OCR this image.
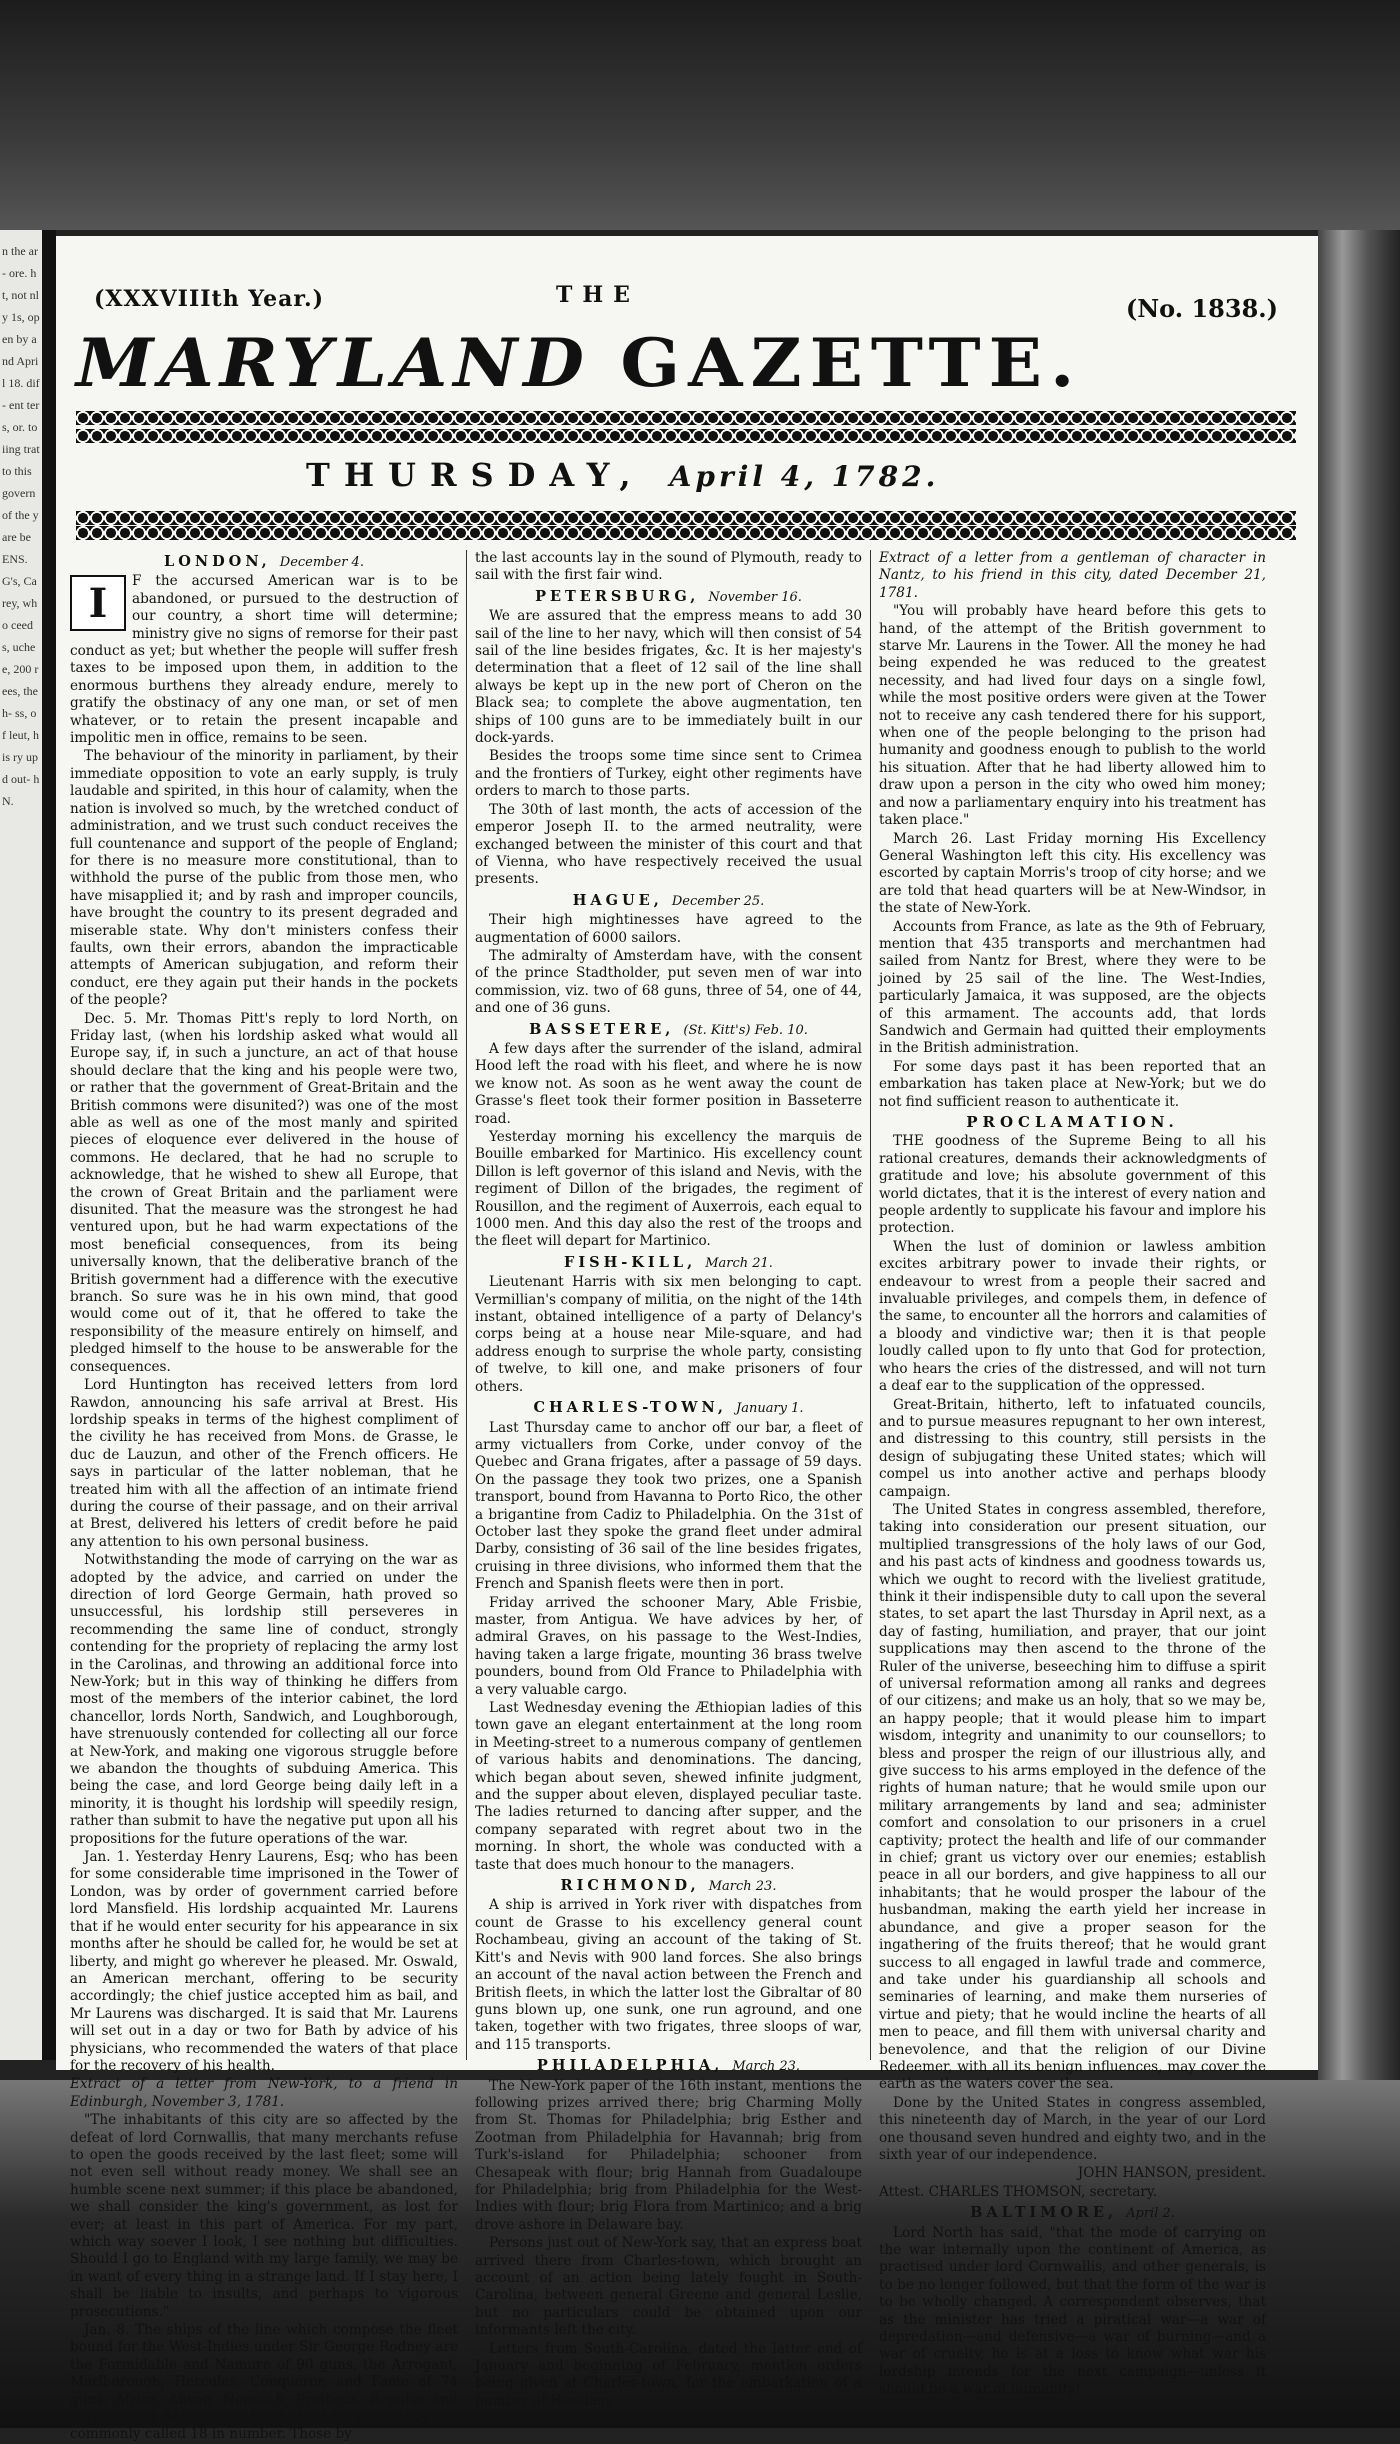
n the ar- ore. ht, not nly 1s, open by a nd April 18. dif- ent ters, or. to iing trat to this govern of the y are be ENS. G's, Carey, who ceeds, uchee, 200 rees, the h- ss, of leut, his ry up d out- h N.
(XXXVIIIth Year.)	THE	(No. 1838.)
MARYLAND GAZETTE.
THURSDAY, April 4, 1782.
LONDON, December 4.
I	F the accursed American war is to be abandoned, or pursued to the destruction of our country, a short time will determine; ministry give no signs of remorse for their past conduct as yet; but whether the people will suffer fresh taxes to be imposed upon them, in addition to the enormous burthens they already endure, merely to gratify the obstinacy of any one man, or set of men whatever, or to retain the present incapable and impolitic men in office, remains to be seen.

The behaviour of the minority in parliament, by their immediate opposition to vote an early supply, is truly laudable and spirited, in this hour of calamity, when the nation is involved so much, by the wretched conduct of administration, and we trust such conduct receives the full countenance and support of the people of England; for there is no measure more constitutional, than to withhold the purse of the public from those men, who have misapplied it; and by rash and improper councils, have brought the country to its present degraded and miserable state. Why don't ministers confess their faults, own their errors, abandon the impracticable attempts of American subjugation, and reform their conduct, ere they again put their hands in the pockets of the people?

Dec. 5. Mr. Thomas Pitt's reply to lord North, on Friday last, (when his lordship asked what would all Europe say, if, in such a juncture, an act of that house should declare that the king and his people were two, or rather that the government of Great-Britain and the British commons were disunited?) was one of the most able as well as one of the most manly and spirited pieces of eloquence ever delivered in the house of commons. He declared, that he had no scruple to acknowledge, that he wished to shew all Europe, that the crown of Great Britain and the parliament were disunited. That the measure was the strongest he had ventured upon, but he had warm expectations of the most beneficial consequences, from its being universally known, that the deliberative branch of the British government had a difference with the executive branch. So sure was he in his own mind, that good would come out of it, that he offered to take the responsibility of the measure entirely on himself, and pledged himself to the house to be answerable for the consequences.

Lord Huntington has received letters from lord Rawdon, announcing his safe arrival at Brest. His lordship speaks in terms of the highest compliment of the civility he has received from Mons. de Grasse, le duc de Lauzun, and other of the French officers. He says in particular of the latter nobleman, that he treated him with all the affection of an intimate friend during the course of their passage, and on their arrival at Brest, delivered his letters of credit before he paid any attention to his own personal business.

Notwithstanding the mode of carrying on the war as adopted by the advice, and carried on under the direction of lord George Germain, hath proved so unsuccessful, his lordship still perseveres in recommending the same line of conduct, strongly contending for the propriety of replacing the army lost in the Carolinas, and throwing an additional force into New-York; but in this way of thinking he differs from most of the members of the interior cabinet, the lord chancellor, lords North, Sandwich, and Loughborough, have strenuously contended for collecting all our force at New-York, and making one vigorous struggle before we abandon the thoughts of subduing America. This being the case, and lord George being daily left in a minority, it is thought his lordship will speedily resign, rather than submit to have the negative put upon all his propositions for the future operations of the war.

Jan. 1. Yesterday Henry Laurens, Esq; who has been for some considerable time imprisoned in the Tower of London, was by order of government carried before lord Mansfield. His lordship acquainted Mr. Laurens that if he would enter security for his appearance in six months after he should be called for, he would be set at liberty, and might go wherever he pleased. Mr. Oswald, an American merchant, offering to be security accordingly; the chief justice accepted him as bail, and Mr Laurens was discharged. It is said that Mr. Laurens will set out in a day or two for Bath by advice of his physicians, who recommended the waters of that place for the recovery of his health.

Extract of a letter from New-York, to a friend in Edinburgh, November 3, 1781.

"The inhabitants of this city are so affected by the defeat of lord Cornwallis, that many merchants refuse to open the goods received by the last fleet; some will not even sell without ready money. We shall see an humble scene next summer; if this place be abandoned, we shall consider the king's government, as lost for ever; at least in this part of America. For my part, which way soever I look, I see nothing but difficulties. Should I go to England with my large family, we may be in want of every thing in a strange land. If I stay here, I shall be liable to insults, and perhaps to vigorous prosecutions."

Jan. 8. The ships of the line which compose the fleet bound for the West-Indies under Sir George Rodney are the Formidable and Namure of 90 guns, the Arrogant, Marlborough, Hercules, Conqueror, and Fame of 74 guns; Africa, Anson, Nonsuch, Protheus, Repulse and Yarmouth of 64; and the Dunkirk of 60 guns; they are commonly called 18 in number. Those by

the last accounts lay in the sound of Plymouth, ready to sail with the first fair wind.

PETERSBURG, November 16.

We are assured that the empress means to add 30 sail of the line to her navy, which will then consist of 54 sail of the line besides frigates, &c. It is her majesty's determination that a fleet of 12 sail of the line shall always be kept up in the new port of Cheron on the Black sea; to complete the above augmentation, ten ships of 100 guns are to be immediately built in our dock-yards.

Besides the troops some time since sent to Crimea and the frontiers of Turkey, eight other regiments have orders to march to those parts.

The 30th of last month, the acts of accession of the emperor Joseph II. to the armed neutrality, were exchanged between the minister of this court and that of Vienna, who have respectively received the usual presents.

HAGUE, December 25.

Their high mightinesses have agreed to the augmentation of 6000 sailors.

The admiralty of Amsterdam have, with the consent of the prince Stadtholder, put seven men of war into commission, viz. two of 68 guns, three of 54, one of 44, and one of 36 guns.

BASSETERE, (St. Kitt's) Feb. 10.

A few days after the surrender of the island, admiral Hood left the road with his fleet, and where he is now we know not. As soon as he went away the count de Grasse's fleet took their former position in Basseterre road.

Yesterday morning his excellency the marquis de Bouille embarked for Martinico. His excellency count Dillon is left governor of this island and Nevis, with the regiment of Dillon of the brigades, the regiment of Rousillon, and the regiment of Auxerrois, each equal to 1000 men. And this day also the rest of the troops and the fleet will depart for Martinico.

FISH-KILL, March 21.

Lieutenant Harris with six men belonging to capt. Vermillian's company of militia, on the night of the 14th instant, obtained intelligence of a party of Delancy's corps being at a house near Mile-square, and had address enough to surprise the whole party, consisting of twelve, to kill one, and make prisoners of four others.

CHARLES-TOWN, January 1.

Last Thursday came to anchor off our bar, a fleet of army victuallers from Corke, under convoy of the Quebec and Grana frigates, after a passage of 59 days. On the passage they took two prizes, one a Spanish transport, bound from Havanna to Porto Rico, the other a brigantine from Cadiz to Philadelphia. On the 31st of October last they spoke the grand fleet under admiral Darby, consisting of 36 sail of the line besides frigates, cruising in three divisions, who informed them that the French and Spanish fleets were then in port.

Friday arrived the schooner Mary, Able Frisbie, master, from Antigua. We have advices by her, of admiral Graves, on his passage to the West-Indies, having taken a large frigate, mounting 36 brass twelve pounders, bound from Old France to Philadelphia with a very valuable cargo.

Last Wednesday evening the Æthiopian ladies of this town gave an elegant entertainment at the long room in Meeting-street to a numerous company of gentlemen of various habits and denominations. The dancing, which began about seven, shewed infinite judgment, and the supper about eleven, displayed peculiar taste. The ladies returned to dancing after supper, and the company separated with regret about two in the morning. In short, the whole was conducted with a taste that does much honour to the managers.

RICHMOND, March 23.

A ship is arrived in York river with dispatches from count de Grasse to his excellency general count Rochambeau, giving an account of the taking of St. Kitt's and Nevis with 900 land forces. She also brings an account of the naval action between the French and British fleets, in which the latter lost the Gibraltar of 80 guns blown up, one sunk, one run aground, and one taken, together with two frigates, three sloops of war, and 115 transports.

PHILADELPHIA, March 23.

The New-York paper of the 16th instant, mentions the following prizes arrived there; brig Charming Molly from St. Thomas for Philadelphia; brig Esther and Zootman from Philadelphia for Havannah; brig from Turk's-island for Philadelphia; schooner from Chesapeak with flour; brig Hannah from Guadaloupe for Philadelphia; brig from Philadelphia for the West-Indies with flour; brig Flora from Martinico; and a brig drove ashore in Delaware bay.

Persons just out of New-York say, that an express boat arrived there from Charles-town, which brought an account of an action being lately fought in South-Carolina, between general Greene and general Leslie, but no particulars could be obtained upon our informants left the city.

Letters from South-Carolina, dated the latter end of January and beginning of February, mention orders being given at Charles-town, for the embarkation of a number of Hessians.

Extract of a letter from a gentleman of character in Nantz, to his friend in this city, dated December 21, 1781.

"You will probably have heard before this gets to hand, of the attempt of the British government to starve Mr. Laurens in the Tower. All the money he had being expended he was reduced to the greatest necessity, and had lived four days on a single fowl, while the most positive orders were given at the Tower not to receive any cash tendered there for his support, when one of the people belonging to the prison had humanity and goodness enough to publish to the world his situation. After that he had liberty allowed him to draw upon a person in the city who owed him money; and now a parliamentary enquiry into his treatment has taken place."

March 26. Last Friday morning His Excellency General Washington left this city. His excellency was escorted by captain Morris's troop of city horse; and we are told that head quarters will be at New-Windsor, in the state of New-York.

Accounts from France, as late as the 9th of February, mention that 435 transports and merchantmen had sailed from Nantz for Brest, where they were to be joined by 25 sail of the line. The West-Indies, particularly Jamaica, it was supposed, are the objects of this armament. The accounts add, that lords Sandwich and Germain had quitted their employments in the British administration.

For some days past it has been reported that an embarkation has taken place at New-York; but we do not find sufficient reason to authenticate it.

PROCLAMATION.

THE goodness of the Supreme Being to all his rational creatures, demands their acknowledgments of gratitude and love; his absolute government of this world dictates, that it is the interest of every nation and people ardently to supplicate his favour and implore his protection.

When the lust of dominion or lawless ambition excites arbitrary power to invade their rights, or endeavour to wrest from a people their sacred and invaluable privileges, and compels them, in defence of the same, to encounter all the horrors and calamities of a bloody and vindictive war; then it is that people loudly called upon to fly unto that God for protection, who hears the cries of the distressed, and will not turn a deaf ear to the supplication of the oppressed.

Great-Britain, hitherto, left to infatuated councils, and to pursue measures repugnant to her own interest, and distressing to this country, still persists in the design of subjugating these United states; which will compel us into another active and perhaps bloody campaign.

The United States in congress assembled, therefore, taking into consideration our present situation, our multiplied transgressions of the holy laws of our God, and his past acts of kindness and goodness towards us, which we ought to record with the liveliest gratitude, think it their indispensible duty to call upon the several states, to set apart the last Thursday in April next, as a day of fasting, humiliation, and prayer, that our joint supplications may then ascend to the throne of the Ruler of the universe, beseeching him to diffuse a spirit of universal reformation among all ranks and degrees of our citizens; and make us an holy, that so we may be, an happy people; that it would please him to impart wisdom, integrity and unanimity to our counsellors; to bless and prosper the reign of our illustrious ally, and give success to his arms employed in the defence of the rights of human nature; that he would smile upon our military arrangements by land and sea; administer comfort and consolation to our prisoners in a cruel captivity; protect the health and life of our commander in chief; grant us victory over our enemies; establish peace in all our borders, and give happiness to all our inhabitants; that he would prosper the labour of the husbandman, making the earth yield her increase in abundance, and give a proper season for the ingathering of the fruits thereof; that he would grant success to all engaged in lawful trade and commerce, and take under his guardianship all schools and seminaries of learning, and make them nurseries of virtue and piety; that he would incline the hearts of all men to peace, and fill them with universal charity and benevolence, and that the religion of our Divine Redeemer, with all its benign influences, may cover the earth as the waters cover the sea.

Done by the United States in congress assembled, this nineteenth day of March, in the year of our Lord one thousand seven hundred and eighty two, and in the sixth year of our independence.

JOHN HANSON, president.

Attest. CHARLES THOMSON, secretary.

BALTIMORE, April 2.

Lord North has said, "that the mode of carrying on the war internally upon the continent of America, as practised under lord Cornwallis, and other generals, is to be no longer followed, but that the form of the war is to be wholly changed. A correspondent observes, that as the minister has tried a piratical war—a war of depredation—and defensive—a war of burning—and a war of cruelty, he is at a loss to know what war his lordship intends for the next campaign—unless it should be a war of humanity!
